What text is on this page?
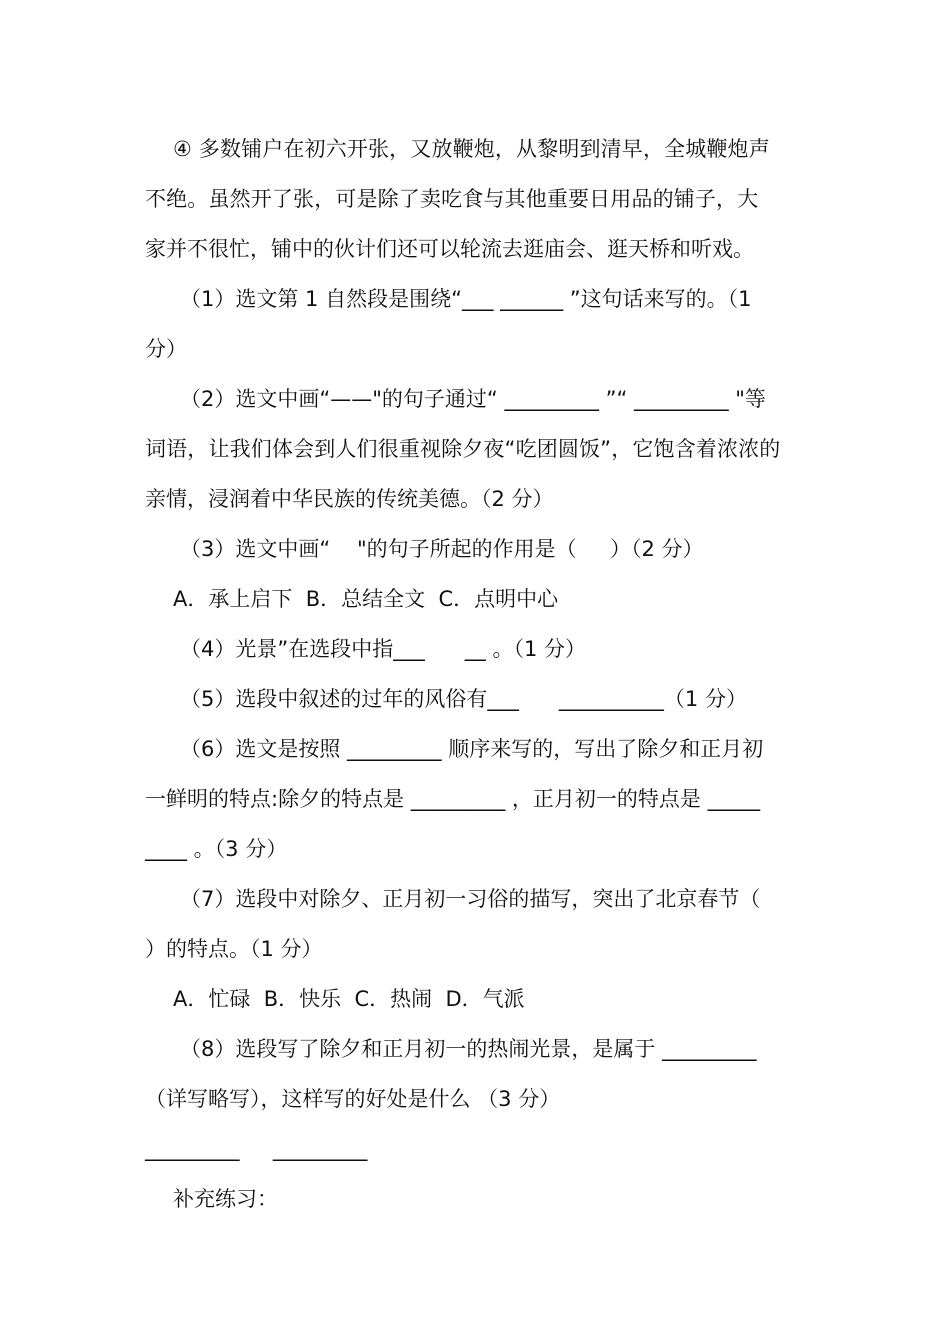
④ 多数铺户在初六开张，又放鞭炮，从黎明到清早，全城鞭炮声
不绝。虽然开了张，可是除了卖吃食与其他重要日用品的铺子，大
家并不很忙，铺中的伙计们还可以轮流去逛庙会、逛天桥和听戏。
（1）选文第 1 自然段是围绕“___ ______ ”这句话来写的。（1
分）
（2）选文中画“——"的句子通过“ _________ ”“ _________ "等
词语，让我们体会到人们很重视除夕夜“吃团圆饭”，它饱含着浓浓的
亲情，浸润着中华民族的传统美德。（2 分）
（3）选文中画“    "的句子所起的作用是（     ）（2 分）
A．承上启下  B．总结全文  C．点明中心
（4）光景”在选段中指___      __ 。（1 分）
（5）选段中叙述的过年的风俗有___      __________（1 分）
（6）选文是按照 _________ 顺序来写的，写出了除夕和正月初
一鲜明的特点:除夕的特点是 _________ ，正月初一的特点是 _____
____ 。（3 分）
（7）选段中对除夕、正月初一习俗的描写，突出了北京春节（
）的特点。（1 分）
A．忙碌  B．快乐  C．热闹  D．气派
（8）选段写了除夕和正月初一的热闹光景，是属于 _________
（详写略写），这样写的好处是什么 （3 分）
_________     _________
补充练习：
